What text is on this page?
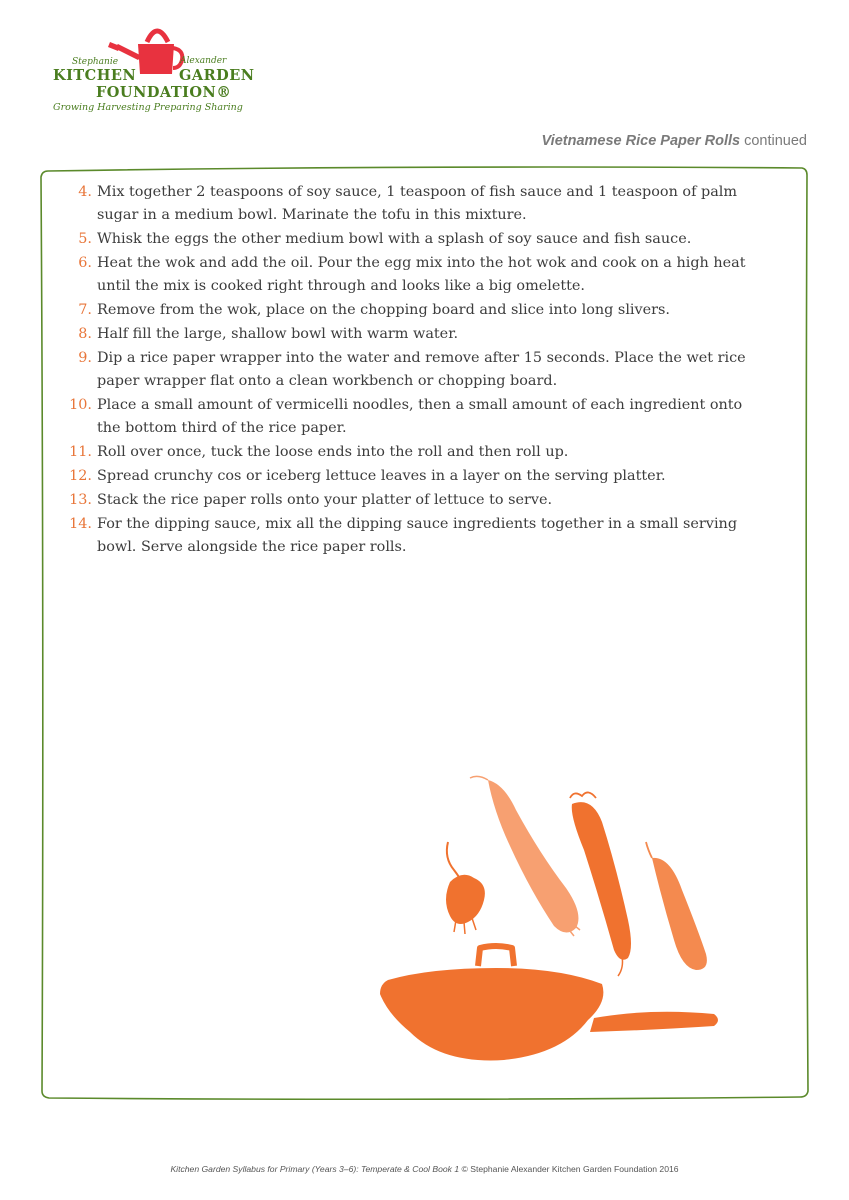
Stephanie	Alexander
KITCHEN	GARDEN
FOUNDATION®
Growing Harvesting Preparing Sharing
Vietnamese Rice Paper Rolls continued
4. Mix together 2 teaspoons of soy sauce, 1 teaspoon of fish sauce and 1 teaspoon of palm sugar in a medium bowl. Marinate the tofu in this mixture.
5. Whisk the eggs the other medium bowl with a splash of soy sauce and fish sauce.
6. Heat the wok and add the oil. Pour the egg mix into the hot wok and cook on a high heat until the mix is cooked right through and looks like a big omelette.
7. Remove from the wok, place on the chopping board and slice into long slivers.
8. Half fill the large, shallow bowl with warm water.
9. Dip a rice paper wrapper into the water and remove after 15 seconds. Place the wet rice paper wrapper flat onto a clean workbench or chopping board.
10. Place a small amount of vermicelli noodles, then a small amount of each ingredient onto the bottom third of the rice paper.
11. Roll over once, tuck the loose ends into the roll and then roll up.
12. Spread crunchy cos or iceberg lettuce leaves in a layer on the serving platter.
13. Stack the rice paper rolls onto your platter of lettuce to serve.
14. For the dipping sauce, mix all the dipping sauce ingredients together in a small serving bowl. Serve alongside the rice paper rolls.
Kitchen Garden Syllabus for Primary (Years 3–6): Temperate & Cool Book 1 © Stephanie Alexander Kitchen Garden Foundation 2016
